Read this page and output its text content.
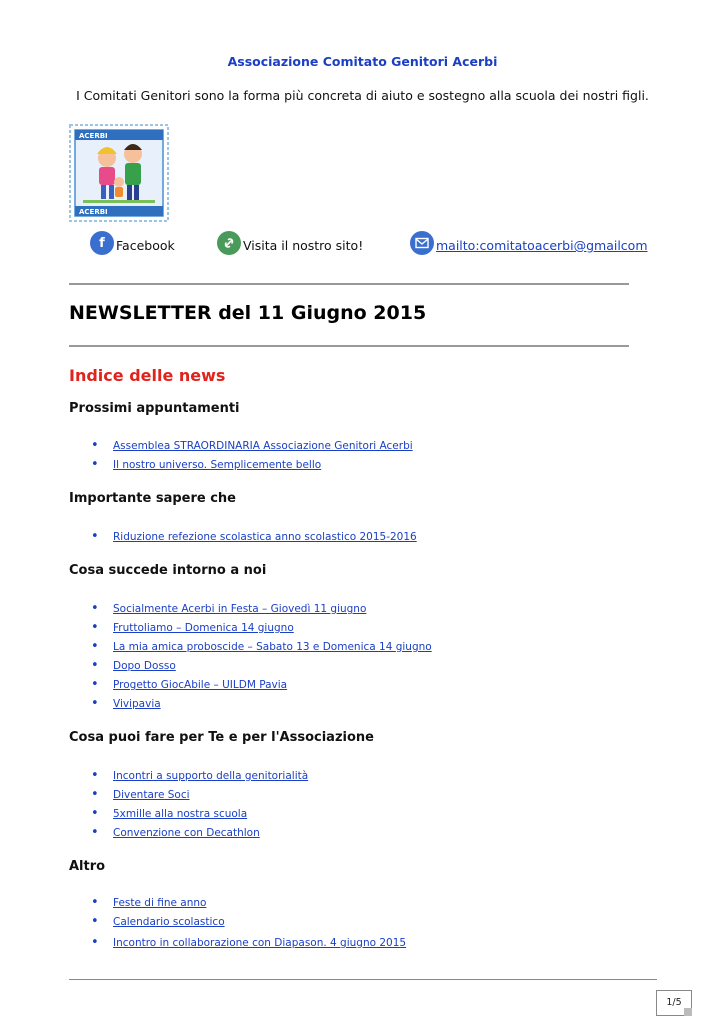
Associazione Comitato Genitori Acerbi
I Comitati Genitori sono la forma più concreta di aiuto e sostegno alla scuola dei nostri figli.
ACERBI
ACERBI
f Facebook	Visita il nostro sito!	mailto:comitatoacerbi@gmailcom
NEWSLETTER del 11 Giugno 2015
Indice delle news
Prossimi appuntamenti
• Assemblea STRAORDINARIA Associazione Genitori Acerbi
• Il nostro universo. Semplicemente bello
Importante sapere che
• Riduzione refezione scolastica anno scolastico 2015-2016
Cosa succede intorno a noi
• Socialmente Acerbi in Festa – Giovedì 11 giugno
• Fruttoliamo – Domenica 14 giugno
• La mia amica proboscide – Sabato 13 e Domenica 14 giugno
• Dopo Dosso
• Progetto GiocAbile – UILDM Pavia
• Vivipavia
Cosa puoi fare per Te e per l'Associazione
• Incontri a supporto della genitorialità
• Diventare Soci
• 5xmille alla nostra scuola
• Convenzione con Decathlon
Altro
• Feste di fine anno
• Calendario scolastico
• Incontro in collaborazione con Diapason. 4 giugno 2015
1/5
